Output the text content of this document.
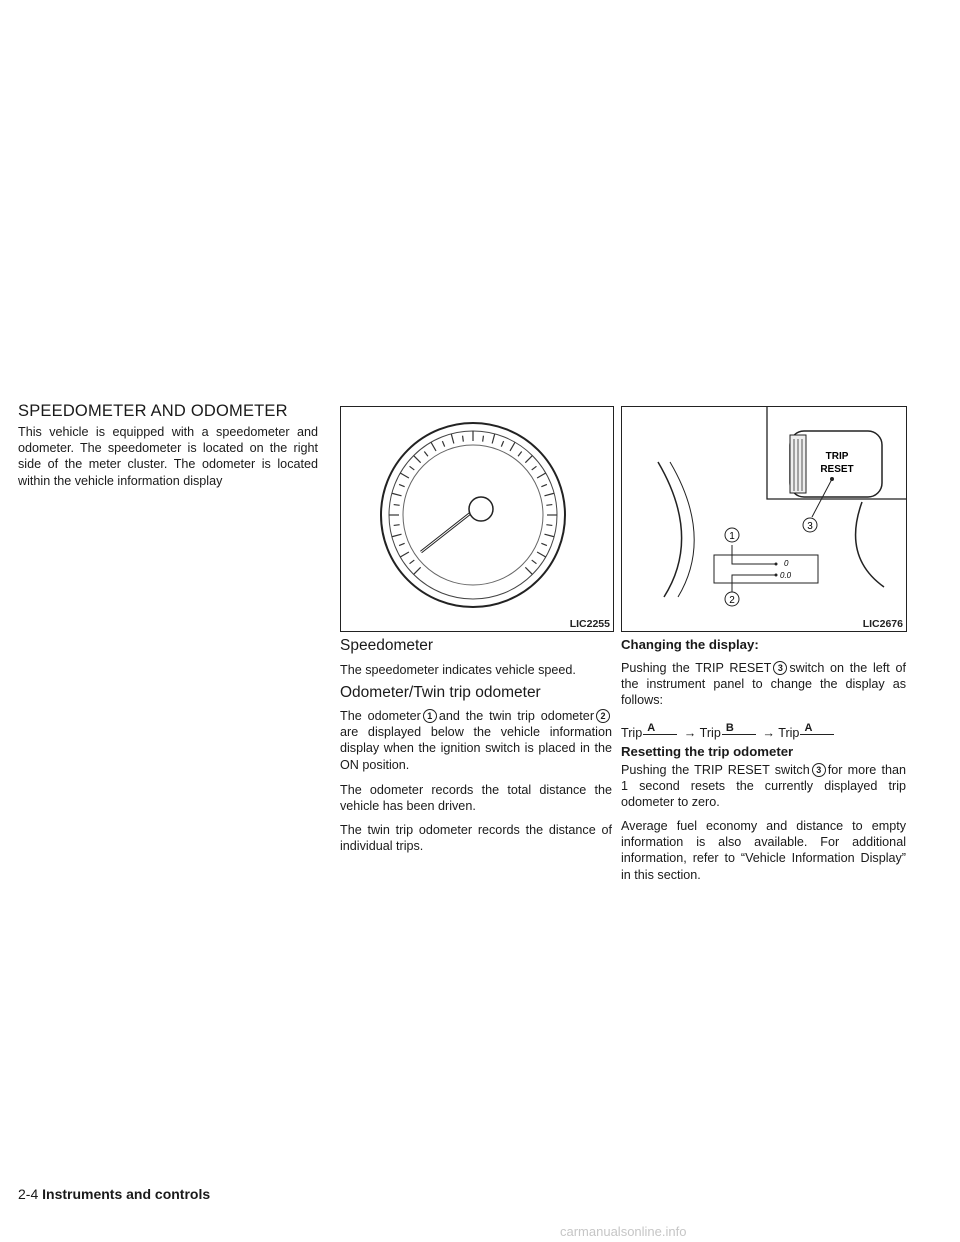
SPEEDOMETER AND ODOMETER

This vehicle is equipped with a speedometer and odometer. The speedometer is located on the right side of the meter cluster. The odometer is located within the vehicle information display

LIC2255
Speedometer

The speedometer indicates vehicle speed.

Odometer/Twin trip odometer

The odometer 1 and the twin trip odometer 2are displayed below the vehicle information display when the ignition switch is placed in the ON position.

The odometer records the total distance the vehicle has been driven.

The twin trip odometer records the distance of individual trips.

TRIP
RESET
3
0
0.0
1
2
LIC2676
Changing the display:

Pushing the TRIP RESET 3 switch on the left of the instrument panel to change the display as follows:

Trip A → Trip B → Trip A
Resetting the trip odometer

Pushing the TRIP RESET switch 3 for more than 1 second resets the currently displayed trip odometer to zero.

Average fuel economy and distance to empty information is also available. For additional information, refer to “Vehicle Information Display” in this section.

2-4 Instruments and controls
carmanualsonline.info
